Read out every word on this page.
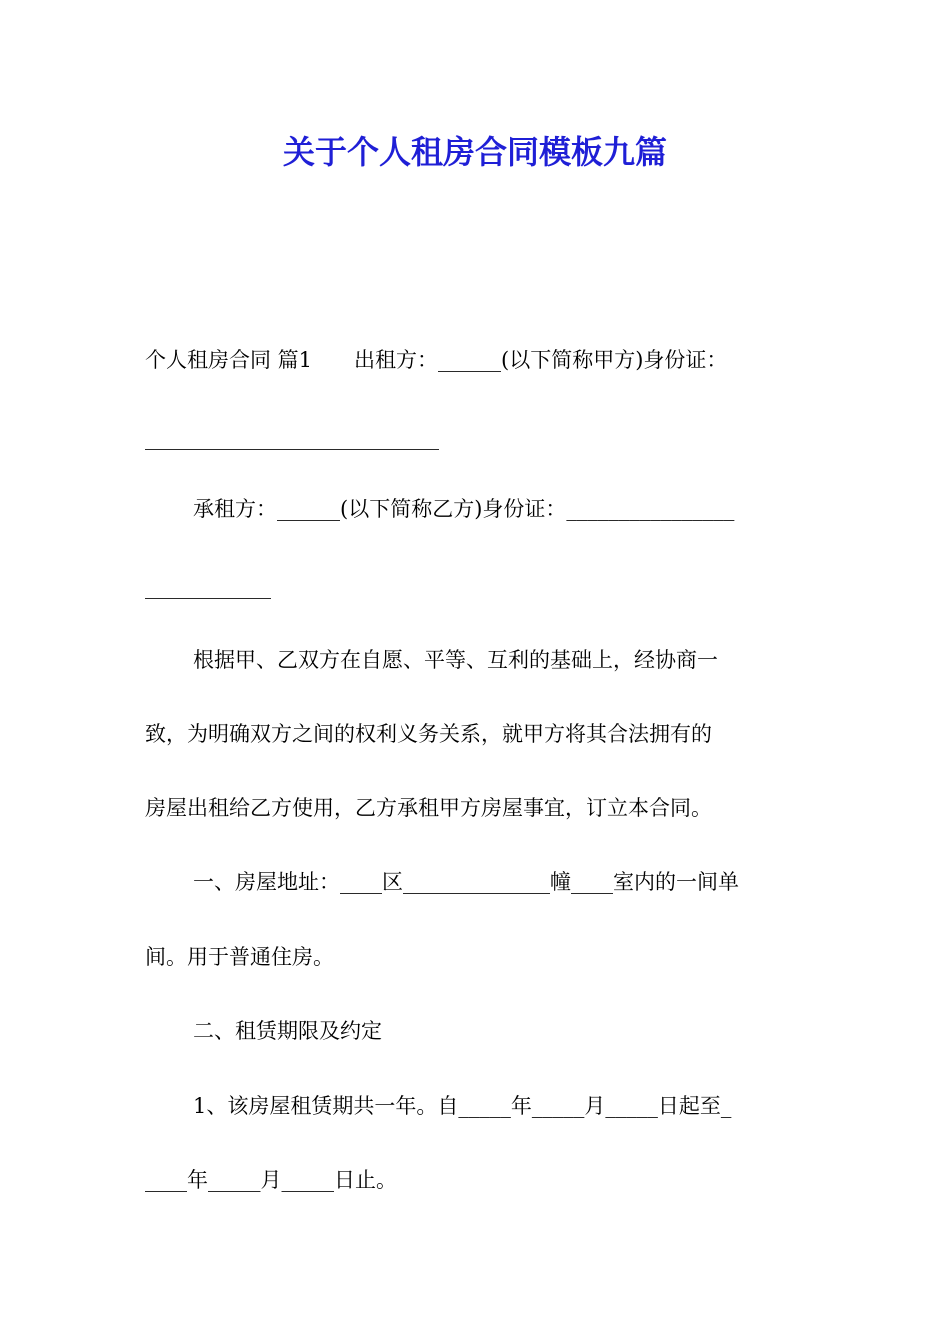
关于个人租房合同模板九篇
个人租房合同 篇1　　出租方：______(以下简称甲方)身份证：
____________________________
承租方：______(以下简称乙方)身份证：________________
____________
根据甲、乙双方在自愿、平等、互利的基础上，经协商一
致，为明确双方之间的权利义务关系，就甲方将其合法拥有的
房屋出租给乙方使用，乙方承租甲方房屋事宜，订立本合同。
一、房屋地址：____区______________幢____室内的一间单
间。用于普通住房。
二、租赁期限及约定
1、该房屋租赁期共一年。自_____年_____月_____日起至_
____年_____月_____日止。
